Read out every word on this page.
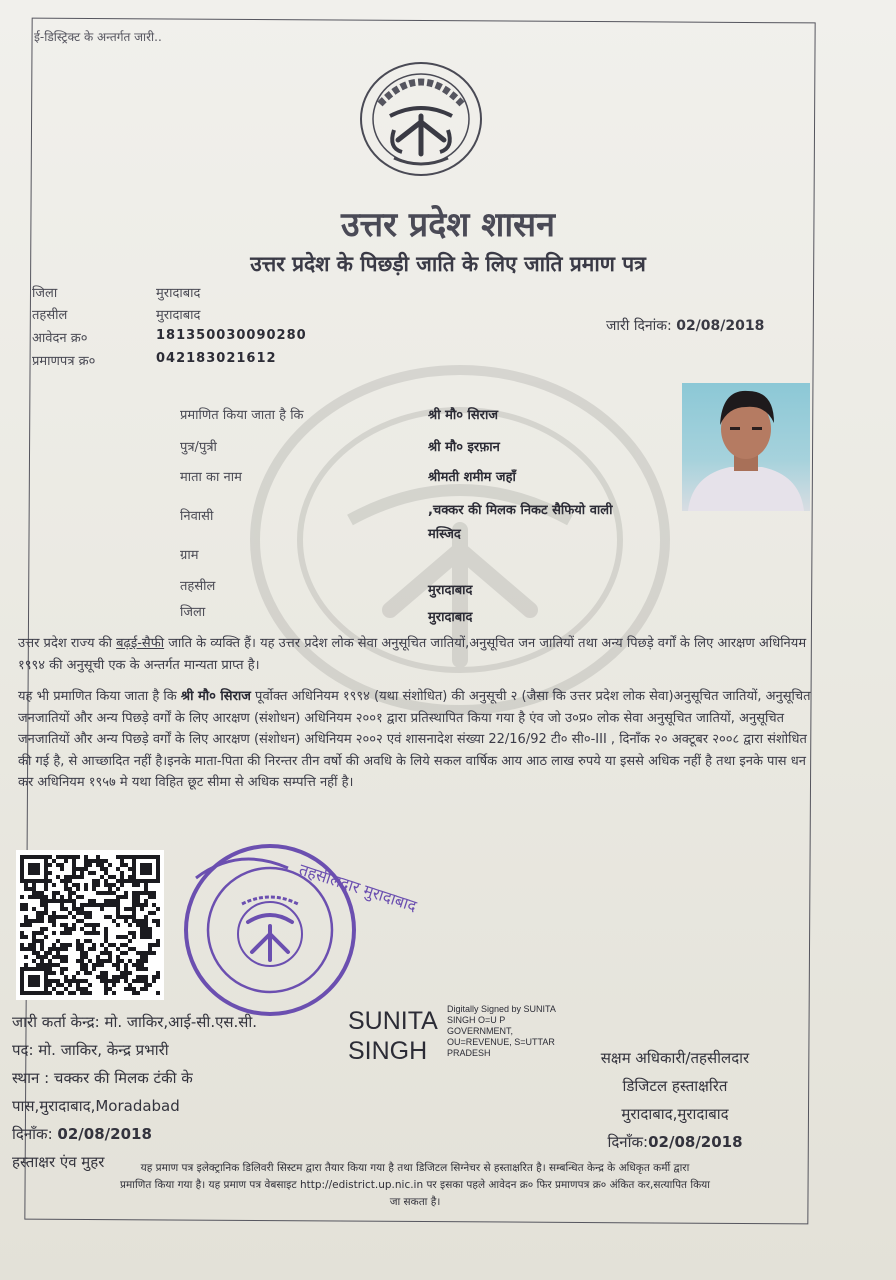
ई-डिस्ट्रिक्ट के अन्तर्गत जारी..
उत्तर प्रदेश शासन
उत्तर प्रदेश के पिछड़ी जाति के लिए जाति प्रमाण पत्र
जिला	मुरादाबाद
तहसील	मुरादाबाद
आवेदन क्र०	181350030090280
प्रमाणपत्र क्र०	042183021612
जारी दिनांक: 02/08/2018
प्रमाणित किया जाता है कि	श्री मौ० सिराज
पुत्र/पुत्री	श्री मौ० इरफ़ान
माता का नाम	श्रीमती शमीम जहाँ
निवासी	,चक्कर की मिलक निकट सैफियो वाली
मस्जिद
ग्राम
तहसील	मुरादाबाद
जिला	मुरादाबाद
उत्तर प्रदेश राज्य की बढ़ई-सैफी जाति के व्यक्ति हैं। यह उत्तर प्रदेश लोक सेवा अनुसूचित जातियों,अनुसूचित जन जातियों तथा अन्य पिछड़े वर्गों के लिए आरक्षण अधिनियम १९९४ की अनुसूची एक के अन्तर्गत मान्यता प्राप्त है।
यह भी प्रमाणित किया जाता है कि श्री मौ० सिराज पूर्वोक्त अधिनियम १९९४ (यथा संशोधित) की अनुसूची २ (जैसा कि उत्तर प्रदेश लोक सेवा)अनुसूचित जातियों, अनुसूचित जनजातियों और अन्य पिछड़े वर्गों के लिए आरक्षण (संशोधन) अधिनियम २००१ द्वारा प्रतिस्थापित किया गया है एंव जो उ०प्र० लोक सेवा अनुसूचित जातियों, अनुसूचित जनजातियों और अन्य पिछड़े वर्गों के लिए आरक्षण (संशोधन) अधिनियम २००२ एवं शासनादेश संख्या 22/16/92 टी० सी०-III , दिनाँक २० अक्टूबर २००८ द्वारा संशोधित की गई है, से आच्छादित नहीं है।इनके माता-पिता की निरन्तर तीन वर्षो की अवधि के लिये सकल वार्षिक आय आठ लाख रुपये या इससे अधिक नहीं है तथा इनके पास धन कर अधिनियम १९५७ मे यथा विहित छूट सीमा से अधिक सम्पत्ति नहीं है।
तहसीलदार मुरादाबाद
जारी कर्ता केन्द्र: मो. जाकिर,आई-सी.एस.सी.
पद: मो. जाकिर, केन्द्र प्रभारी
स्थान : चक्कर की मिलक टंकी के
पास,मुरादाबाद,Moradabad
दिनाँक: 02/08/2018
हस्ताक्षर एंव मुहर
SUNITA
SINGH
Digitally Signed by SUNITA SINGH O=U P GOVERNMENT, OU=REVENUE, S=UTTAR PRADESH	सक्षम अधिकारी/तहसीलदार
डिजिटल हस्ताक्षरित
मुरादाबाद,मुरादाबाद
दिनाँक:02/08/2018
यह प्रमाण पत्र इलेक्ट्रानिक डिलिवरी सिस्टम द्वारा तैयार किया गया है तथा डिजिटल सिग्नेचर से हस्ताक्षरित है। सम्बन्धित केन्द्र के अधिकृत कर्मी द्वारा
प्रमाणित किया गया है। यह प्रमाण पत्र वेबसाइट http://edistrict.up.nic.in पर इसका पहले आवेदन क्र० फिर प्रमाणपत्र क्र० अंकित कर,सत्यापित किया
जा सकता है।
